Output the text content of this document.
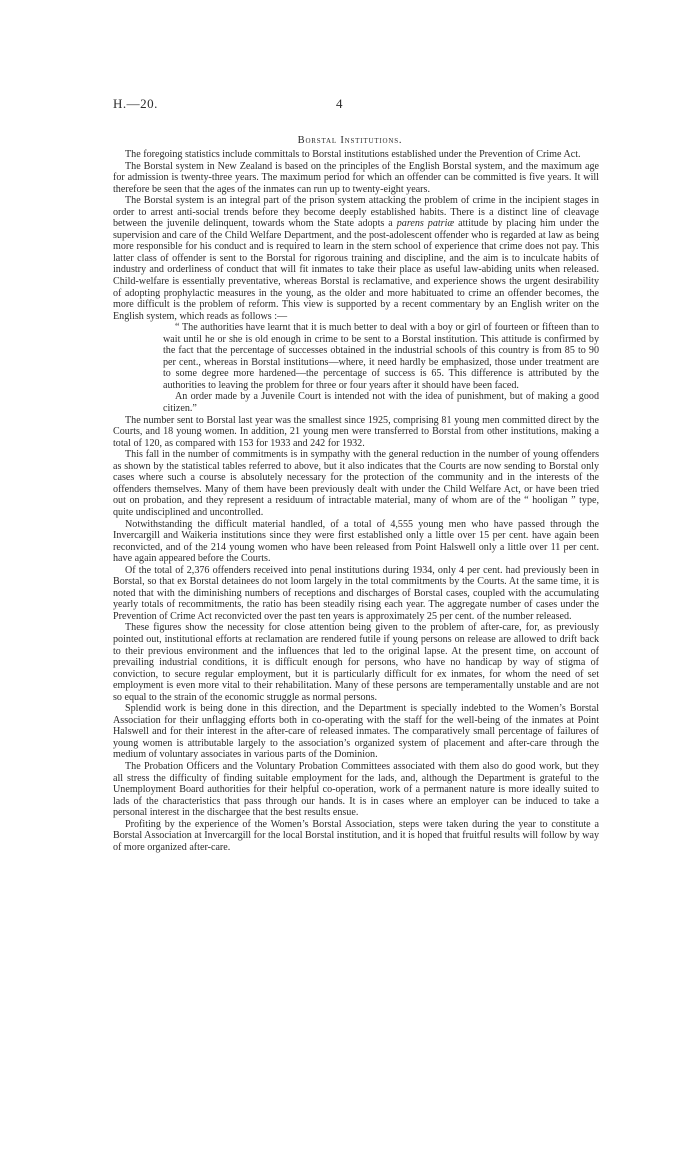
H.—20.	4
Borstal Institutions.

The foregoing statistics include committals to Borstal institutions established under the Prevention of Crime Act.

The Borstal system in New Zealand is based on the principles of the English Borstal system, and the maximum age for admission is twenty-three years. The maximum period for which an offender can be committed is five years. It will therefore be seen that the ages of the inmates can run up to twenty-eight years.

The Borstal system is an integral part of the prison system attacking the problem of crime in the incipient stages in order to arrest anti-social trends before they become deeply established habits. There is a distinct line of cleavage between the juvenile delinquent, towards whom the State adopts a parens patriæ attitude by placing him under the supervision and care of the Child Welfare Department, and the post-adolescent offender who is regarded at law as being more responsible for his conduct and is required to learn in the stern school of experience that crime does not pay. This latter class of offender is sent to the Borstal for rigorous training and discipline, and the aim is to inculcate habits of industry and orderliness of conduct that will fit inmates to take their place as useful law-abiding units when released. Child-welfare is essentially preventative, whereas Borstal is reclamative, and experience shows the urgent desirability of adopting prophylactic measures in the young, as the older and more habituated to crime an offender becomes, the more difficult is the problem of reform. This view is supported by a recent commentary by an English writer on the English system, which reads as follows :—

“ The authorities have learnt that it is much better to deal with a boy or girl of fourteen or fifteen than to wait until he or she is old enough in crime to be sent to a Borstal institution. This attitude is confirmed by the fact that the percentage of successes obtained in the industrial schools of this country is from 85 to 90 per cent., whereas in Borstal institutions—where, it need hardly be emphasized, those under treatment are to some degree more hardened—the percentage of success is 65. This difference is attributed by the authorities to leaving the problem for three or four years after it should have been faced.

An order made by a Juvenile Court is intended not with the idea of punishment, but of making a good citizen.”

The number sent to Borstal last year was the smallest since 1925, comprising 81 young men committed direct by the Courts, and 18 young women. In addition, 21 young men were transferred to Borstal from other institutions, making a total of 120, as compared with 153 for 1933 and 242 for 1932.

This fall in the number of commitments is in sympathy with the general reduction in the number of young offenders as shown by the statistical tables referred to above, but it also indicates that the Courts are now sending to Borstal only cases where such a course is absolutely necessary for the protection of the community and in the interests of the offenders themselves. Many of them have been previously dealt with under the Child Welfare Act, or have been tried out on probation, and they represent a residuum of intractable material, many of whom are of the “ hooligan ” type, quite undisciplined and uncontrolled.

Notwithstanding the difficult material handled, of a total of 4,555 young men who have passed through the Invercargill and Waikeria institutions since they were first established only a little over 15 per cent. have again been reconvicted, and of the 214 young women who have been released from Point Halswell only a little over 11 per cent. have again appeared before the Courts.

Of the total of 2,376 offenders received into penal institutions during 1934, only 4 per cent. had previously been in Borstal, so that ex Borstal detainees do not loom largely in the total commitments by the Courts. At the same time, it is noted that with the diminishing numbers of receptions and discharges of Borstal cases, coupled with the accumulating yearly totals of recommitments, the ratio has been steadily rising each year. The aggregate number of cases under the Prevention of Crime Act reconvicted over the past ten years is approximately 25 per cent. of the number released.

These figures show the necessity for close attention being given to the problem of after-care, for, as previously pointed out, institutional efforts at reclamation are rendered futile if young persons on release are allowed to drift back to their previous environment and the influences that led to the original lapse. At the present time, on account of prevailing industrial conditions, it is difficult enough for persons, who have no handicap by way of stigma of conviction, to secure regular employment, but it is particularly difficult for ex inmates, for whom the need of set employment is even more vital to their rehabilitation. Many of these persons are temperamentally unstable and are not so equal to the strain of the economic struggle as normal persons.

Splendid work is being done in this direction, and the Department is specially indebted to the Women’s Borstal Association for their unflagging efforts both in co-operating with the staff for the well-being of the inmates at Point Halswell and for their interest in the after-care of released inmates. The comparatively small percentage of failures of young women is attributable largely to the association’s organized system of placement and after-care through the medium of voluntary associates in various parts of the Dominion.

The Probation Officers and the Voluntary Probation Committees associated with them also do good work, but they all stress the difficulty of finding suitable employment for the lads, and, although the Department is grateful to the Unemployment Board authorities for their helpful co-operation, work of a permanent nature is more ideally suited to lads of the characteristics that pass through our hands. It is in cases where an employer can be induced to take a personal interest in the dischargee that the best results ensue.

Profiting by the experience of the Women’s Borstal Association, steps were taken during the year to constitute a Borstal Association at Invercargill for the local Borstal institution, and it is hoped that fruitful results will follow by way of more organized after-care.
